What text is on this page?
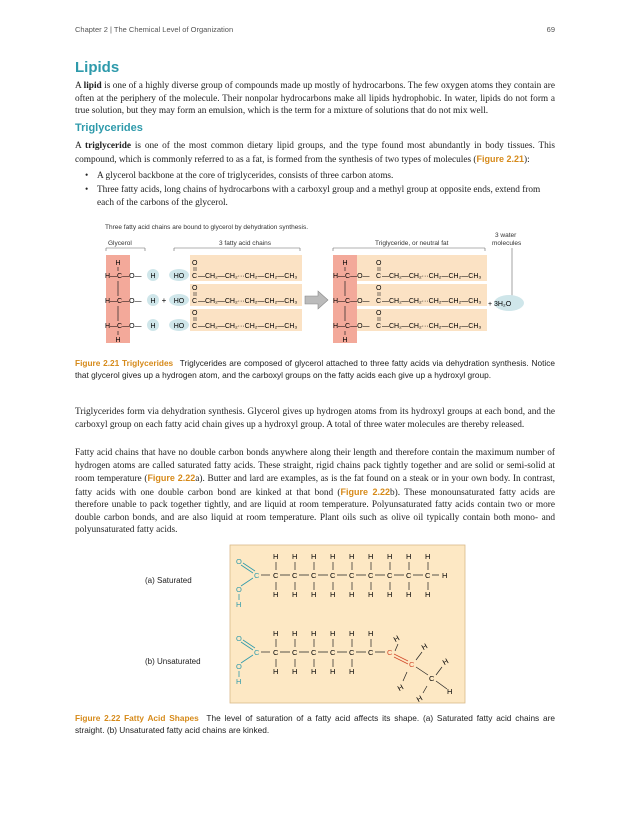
Chapter 2 | The Chemical Level of Organization	69
Lipids

A lipid is one of a highly diverse group of compounds made up mostly of hydrocarbons. The few oxygen atoms they contain are often at the periphery of the molecule. Their nonpolar hydrocarbons make all lipids hydrophobic. In water, lipids do not form a true solution, but they may form an emulsion, which is the term for a mixture of solutions that do not mix well.

Triglycerides

A triglyceride is one of the most common dietary lipid groups, and the type found most abundantly in body tissues. This compound, which is commonly referred to as a fat, is formed from the synthesis of two types of molecules (Figure 2.21):

• A glycerol backbone at the core of triglycerides, consists of three carbon atoms.
• Three fatty acids, long chains of hydrocarbons with a carboxyl group and a methyl group at opposite ends, extend from each of the carbons of the glycerol.
Three fatty acid chains are bound to glycerol by dehydration synthesis.
Glycerol	3 fatty acid chains	Triglyceride, or neutral fat
3 water
molecules
H
H
H—C—O—
H—C—O—
H—C—O—
H
H
H
+
HO
HO
HO
O
O
O
C
C
C
—CH₂—CH₂···CH₂—CH₂—CH₃
—CH₂—CH₂···CH₂—CH₂—CH₃
—CH₂—CH₂···CH₂—CH₂—CH₃
H
H
H—C—O—
H—C—O—
H—C—O—
O
O
O
C
C
C
—CH₂—CH₂···CH₂—CH₂—CH₃
—CH₂—CH₂···CH₂—CH₂—CH₃
—CH₂—CH₂···CH₂—CH₂—CH₃
+ 3H₂O
Figure 2.21 Triglycerides Triglycerides are composed of glycerol attached to three fatty acids via dehydration synthesis. Notice that glycerol gives up a hydrogen atom, and the carboxyl groups on the fatty acids each give up a hydroxyl group.

Triglycerides form via dehydration synthesis. Glycerol gives up hydrogen atoms from its hydroxyl groups at each bond, and the carboxyl group on each fatty acid chain gives up a hydroxyl group. A total of three water molecules are thereby released.

Fatty acid chains that have no double carbon bonds anywhere along their length and therefore contain the maximum number of hydrogen atoms are called saturated fatty acids. These straight, rigid chains pack tightly together and are solid or semi-solid at room temperature (Figure 2.22a). Butter and lard are examples, as is the fat found on a steak or in your own body. In contrast, fatty acids with one double carbon bond are kinked at that bond (Figure 2.22b). These monounsaturated fatty acids are therefore unable to pack together tightly, and are liquid at room temperature. Polyunsaturated fatty acids contain two or more double carbon bonds, and are also liquid at room temperature. Plant oils such as olive oil typically contain both mono- and polyunsaturated fatty acids.

(a) Saturated
(b) Unsaturated
O
O
H
C C
H
H
C
H
H
C
H
H
C
H
H
C
H
H
C
H
H
C
H
H
C
H
H
C
H
H
H
O
O
H
C C
H
H
C
H
H
C
H
H
C
H
H
C
H
H
C
H
C
C
C
H
H
H
H
H
H
Figure 2.22 Fatty Acid Shapes The level of saturation of a fatty acid affects its shape. (a) Saturated fatty acid chains are straight. (b) Unsaturated fatty acid chains are kinked.
